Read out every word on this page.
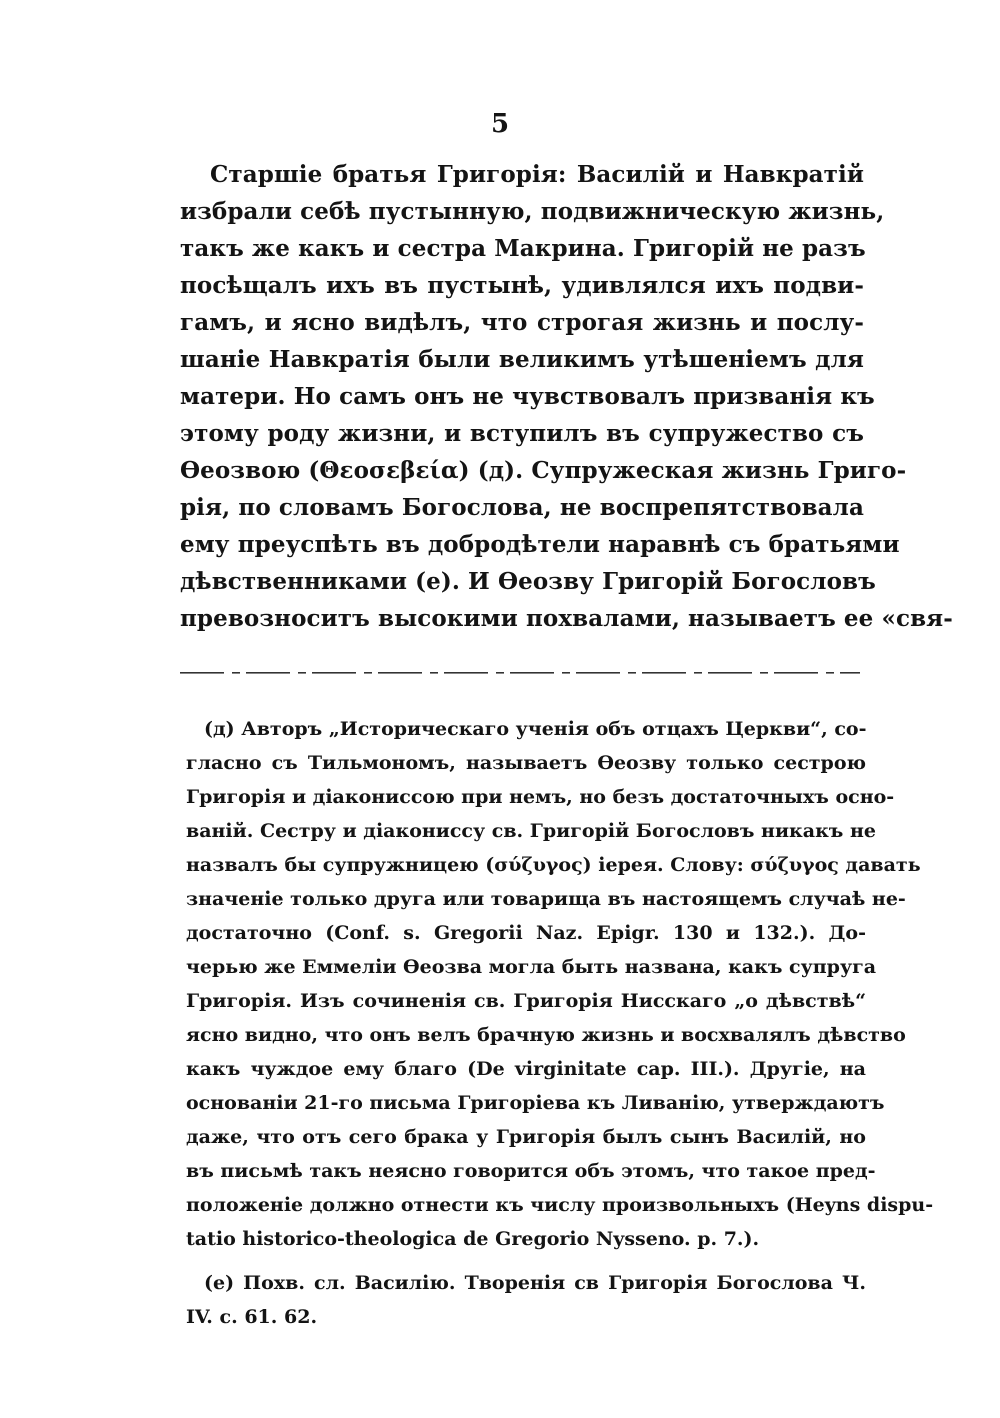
5
Старшіе братья Григорія: Василій и Навкратій
избрали себѣ пустынную, подвижническую жизнь,
такъ же какъ и сестра Макрина. Григорій не разъ
посѣщалъ ихъ въ пустынѣ, удивлялся ихъ подви-
гамъ, и ясно видѣлъ, что строгая жизнь и послу-
шаніе Навкратія были великимъ утѣшеніемъ для
матери. Но самъ онъ не чувствовалъ призванія къ
этому роду жизни, и вступилъ въ супружество съ
Ѳеозвою (Θεοσεβεία) (д). Супружеская жизнь Григо-
рія, по словамъ Богослова, не воспрепятствовала
ему преуспѣть въ добродѣтели наравнѣ съ братьями
дѣвственниками (е). И Ѳеозву Григорій Богословъ
превозноситъ высокими похвалами, называетъ ее «свя-
(д) Авторъ „Историческаго ученія объ отцахъ Церкви“, со-
гласно съ Тильмономъ, называетъ Ѳеозву только сестрою
Григорія и діакониссою при немъ, но безъ достаточныхъ осно-
ваній. Сестру и діакониссу св. Григорій Богословъ никакъ не
назвалъ бы супружницею (σύζυγος) іерея. Слову: σύζυγος давать
значеніе только друга или товарища въ настоящемъ случаѣ не-
достаточно (Conf. s. Gregorii Naz. Epigr. 130 и 132.). До-
черью же Еммеліи Ѳеозва могла быть названа, какъ супруга
Григорія. Изъ сочиненія св. Григорія Нисскаго „о дѣвствѣ“
ясно видно, что онъ велъ брачную жизнь и восхвалялъ дѣвство
какъ чуждое ему благо (De virginitate cap. III.). Другіе, на
основаніи 21-го письма Григоріева къ Ливанію, утверждаютъ
даже, что отъ сего брака у Григорія былъ сынъ Василій, но
въ письмѣ такъ неясно говорится объ этомъ, что такое пред-
положеніе должно отнести къ числу произвольныхъ (Heyns dispu-
tatio historico-theologica de Gregorio Nysseno. p. 7.).
(е) Похв. сл. Василію. Творенія св Григорія Богослова Ч.
IV. с. 61. 62.
